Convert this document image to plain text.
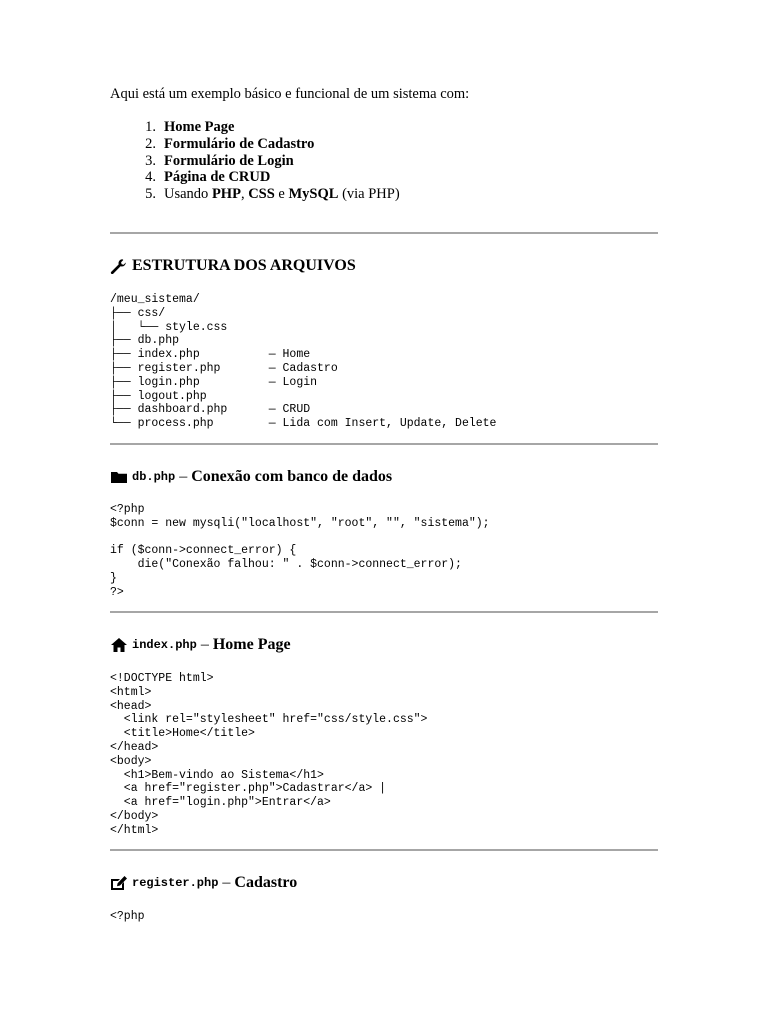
Aqui está um exemplo básico e funcional de um sistema com:
1. Home Page
2. Formulário de Cadastro
3. Formulário de Login
4. Página de CRUD
5. Usando PHP, CSS e MySQL (via PHP)
ESTRUTURA DOS ARQUIVOS
/meu_sistema/
├── css/
│   └── style.css
├── db.php
├── index.php          — Home
├── register.php       — Cadastro
├── login.php          — Login
├── logout.php
├── dashboard.php      — CRUD
└── process.php        — Lida com Insert, Update, Delete
db.php – Conexão com banco de dados
<?php
$conn = new mysqli("localhost", "root", "", "sistema");

if ($conn->connect_error) {
die("Conexão falhou: " . $conn->connect_error);
}
?>
index.php – Home Page
<!DOCTYPE html>
<html>
<head>
<link rel="stylesheet" href="css/style.css">
<title>Home</title>
</head>
<body>
<h1>Bem-vindo ao Sistema</h1>
<a href="register.php">Cadastrar</a> |
<a href="login.php">Entrar</a>
</body>
</html>
register.php – Cadastro
<?php
